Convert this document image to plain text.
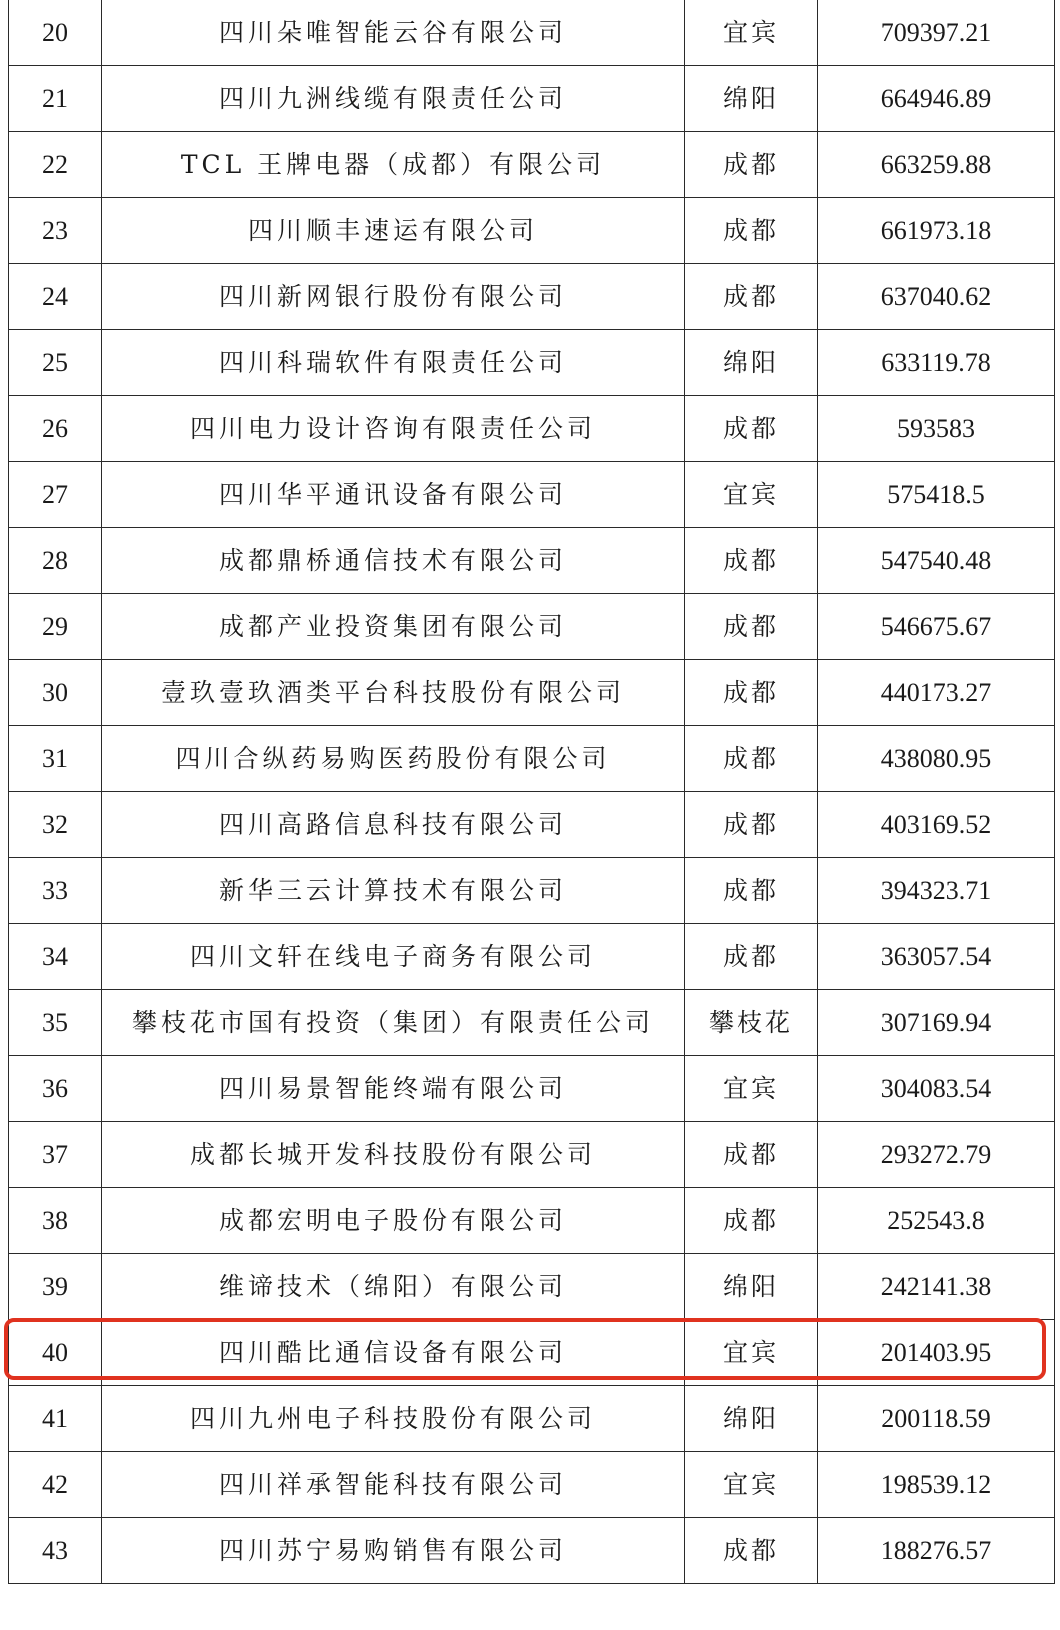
20	四川朵唯智能云谷有限公司	宜宾	709397.21
21	四川九洲线缆有限责任公司	绵阳	664946.89
22	TCL 王牌电器（成都）有限公司	成都	663259.88
23	四川顺丰速运有限公司	成都	661973.18
24	四川新网银行股份有限公司	成都	637040.62
25	四川科瑞软件有限责任公司	绵阳	633119.78
26	四川电力设计咨询有限责任公司	成都	593583
27	四川华平通讯设备有限公司	宜宾	575418.5
28	成都鼎桥通信技术有限公司	成都	547540.48
29	成都产业投资集团有限公司	成都	546675.67
30	壹玖壹玖酒类平台科技股份有限公司	成都	440173.27
31	四川合纵药易购医药股份有限公司	成都	438080.95
32	四川高路信息科技有限公司	成都	403169.52
33	新华三云计算技术有限公司	成都	394323.71
34	四川文轩在线电子商务有限公司	成都	363057.54
35	攀枝花市国有投资（集团）有限责任公司	攀枝花	307169.94
36	四川易景智能终端有限公司	宜宾	304083.54
37	成都长城开发科技股份有限公司	成都	293272.79
38	成都宏明电子股份有限公司	成都	252543.8
39	维谛技术（绵阳）有限公司	绵阳	242141.38
40	四川酷比通信设备有限公司	宜宾	201403.95
41	四川九州电子科技股份有限公司	绵阳	200118.59
42	四川祥承智能科技有限公司	宜宾	198539.12
43	四川苏宁易购销售有限公司	成都	188276.57
